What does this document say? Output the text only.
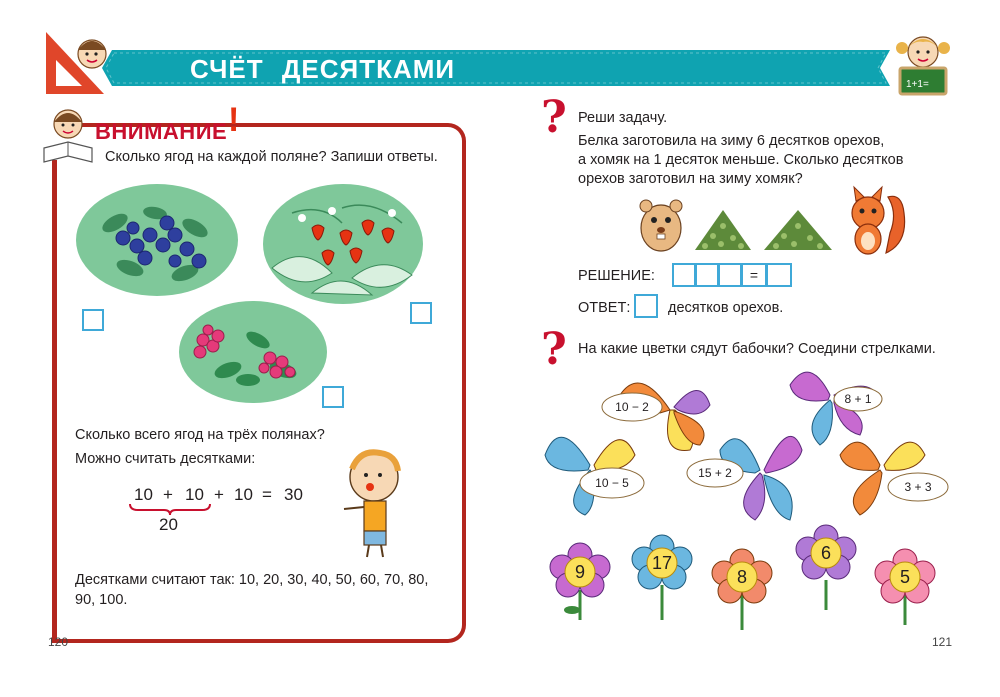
СЧЁТ ДЕСЯТКАМИ
1+1=
ВНИМАНИЕ !
Сколько ягод на каждой поляне? Запиши ответы.
Сколько всего ягод на трёх полянах?
Можно считать десятками:
10 + 10 + 10 = 30
20
Десятками считают так: 10, 20, 30, 40, 50, 60, 70, 80,
90, 100.
120
? Реши задачу.
Белка заготовила на зиму 6 десятков орехов,
а хомяк на 1 десяток меньше. Сколько десятков
орехов заготовил на зиму хомяк?
РЕШЕНИЕ:	=
ОТВЕТ:	десятков орехов.
? На какие цветки сядут бабочки? Соедини стрелками.
10 − 2
8 + 1
15 + 2
10 − 5	3 + 3
9	17
8
6
5
121
